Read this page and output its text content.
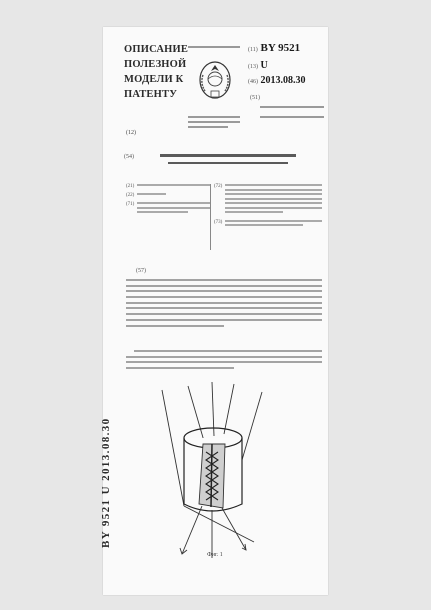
BY 9521 U 2013.08.30
ОПИСАНИЕ
ПОЛЕЗНОЙ
МОДЕЛИ К
ПАТЕНТУ
(12)
(11) BY 9521
(13) U
(46) 2013.08.30
(51)
(54)
(21)
(22)
(71)
(72)
(73)
(57)
Фиг. 1
